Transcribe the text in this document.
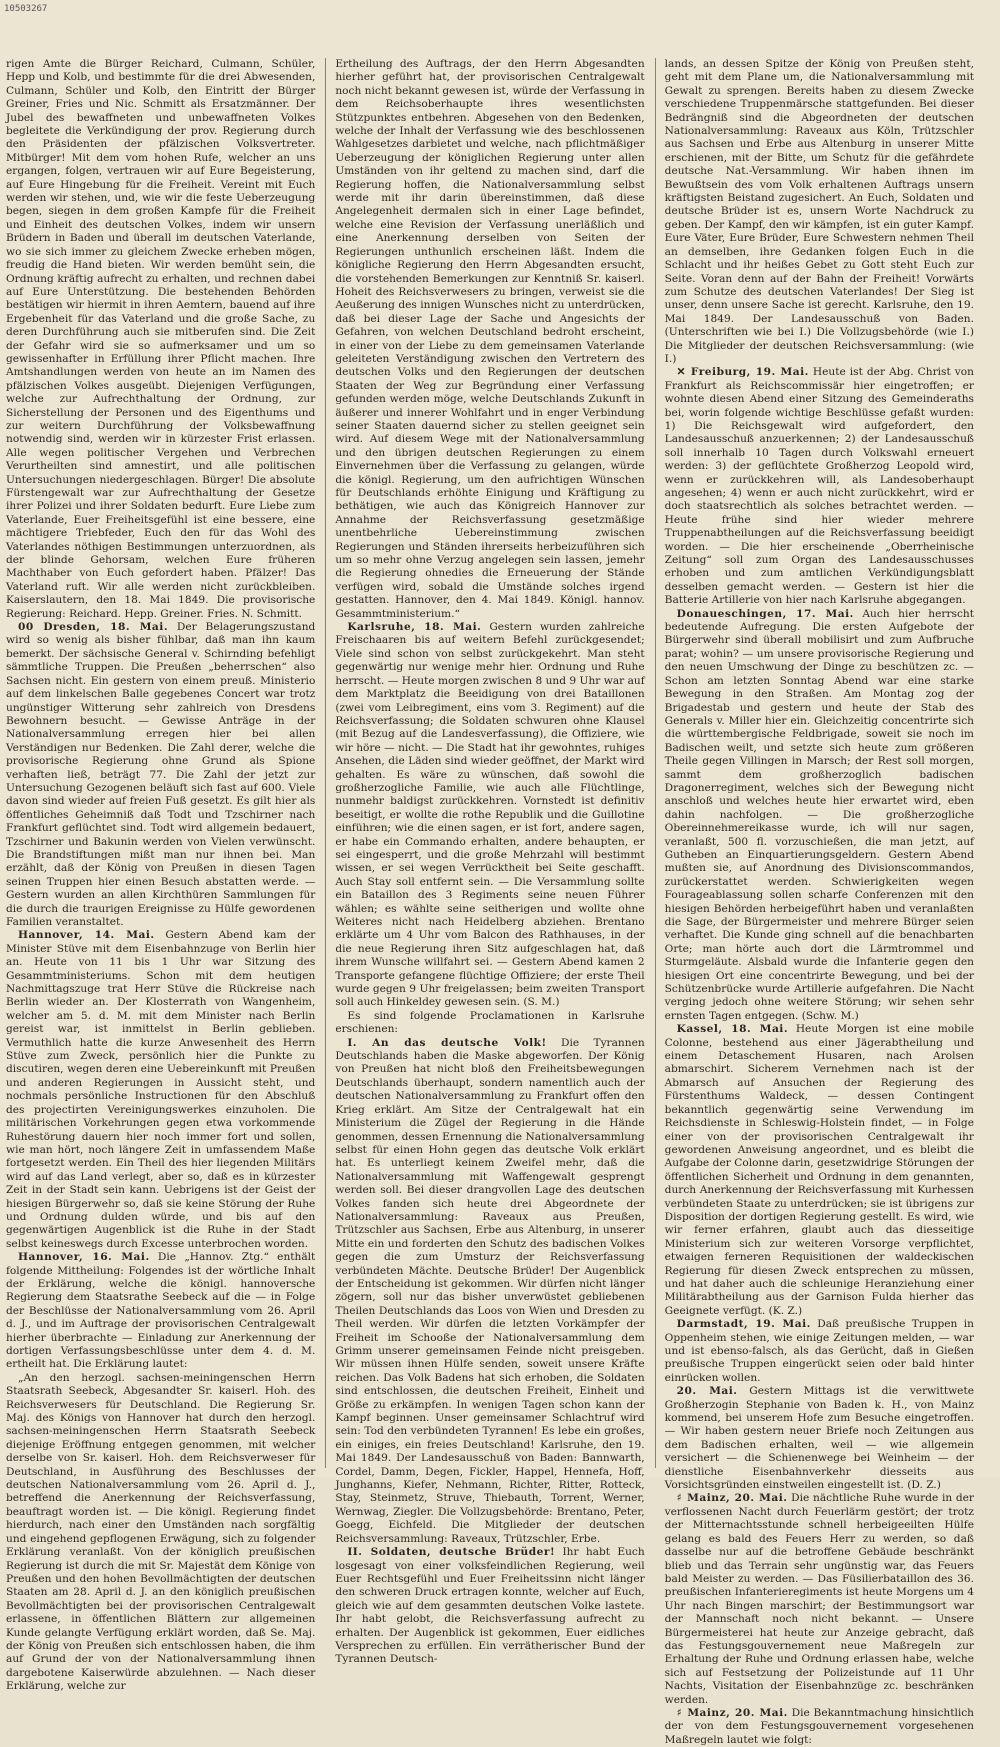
10503267

rigen Amte die Bürger Reichard, Culmann, Schüler, Hepp und Kolb, und bestimmte für die drei Abwesenden, Culmann, Schüler und Kolb, den Eintritt der Bürger Greiner, Fries und Nic. Schmitt als Ersatzmänner. Der Jubel des bewaffneten und unbewaffneten Volkes begleitete die Verkündigung der prov. Regierung durch den Präsidenten der pfälzischen Volksvertreter. Mitbürger! Mit dem vom hohen Rufe, welcher an uns ergangen, folgen, vertrauen wir auf Eure Begeisterung, auf Eure Hingebung für die Freiheit. Vereint mit Euch werden wir stehen, und, wie wir die feste Ueberzeugung begen, siegen in dem großen Kampfe für die Freiheit und Einheit des deutschen Volkes, indem wir unsern Brüdern in Baden und überall im deutschen Vaterlande, wo sie sich immer zu gleichem Zwecke erheben mögen, freudig die Hand bieten. Wir werden bemüht sein, die Ordnung kräftig aufrecht zu erhalten, und rechnen dabei auf Eure Unterstützung. Die bestehenden Behörden bestätigen wir hiermit in ihren Aemtern, bauend auf ihre Ergebenheit für das Vaterland und die große Sache, zu deren Durchführung auch sie mitberufen sind. Die Zeit der Gefahr wird sie so aufmerksamer und um so gewissenhafter in Erfüllung ihrer Pflicht machen. Ihre Amtshandlungen werden von heute an im Namen des pfälzischen Volkes ausgeübt. Diejenigen Verfügungen, welche zur Aufrechthaltung der Ordnung, zur Sicherstellung der Personen und des Eigenthums und zur weitern Durchführung der Volksbewaffnung notwendig sind, werden wir in kürzester Frist erlassen. Alle wegen politischer Vergehen und Verbrechen Verurtheilten sind amnestirt, und alle politischen Untersuchungen niedergeschlagen. Bürger! Die absolute Fürstengewalt war zur Aufrechthaltung der Gesetze ihrer Polizei und ihrer Soldaten bedurft. Eure Liebe zum Vaterlande, Euer Freiheitsgefühl ist eine bessere, eine mächtigere Triebfeder, Euch den für das Wohl des Vaterlandes nöthigen Bestimmungen unterzuordnen, als der blinde Gehorsam, welchen Eure früheren Machthaber von Euch gefordert haben. Pfälzer! Das Vaterland ruft. Wir alle werden nicht zurückbleiben. Kaiserslautern, den 18. Mai 1849. Die provisorische Regierung: Reichard. Hepp. Greiner. Fries. N. Schmitt.

00 Dresden, 18. Mai. Der Belagerungszustand wird so wenig als bisher fühlbar, daß man ihn kaum bemerkt. Der sächsische General v. Schirnding befehligt sämmtliche Truppen. Die Preußen „beherrschen“ also Sachsen nicht. Ein gestern von einem preuß. Ministerio auf dem linkelschen Balle gegebenes Concert war trotz ungünstiger Witterung sehr zahlreich von Dresdens Bewohnern besucht. — Gewisse Anträge in der Nationalversammlung erregen hier bei allen Verständigen nur Bedenken. Die Zahl derer, welche die provisorische Regierung ohne Grund als Spione verhaften ließ, beträgt 77. Die Zahl der jetzt zur Untersuchung Gezogenen beläuft sich fast auf 600. Viele davon sind wieder auf freien Fuß gesetzt. Es gilt hier als öffentliches Geheimniß daß Todt und Tzschirner nach Frankfurt geflüchtet sind. Todt wird allgemein bedauert, Tzschirner und Bakunin werden von Vielen verwünscht. Die Brandstiftungen mißt man nur ihnen bei. Man erzählt, daß der König von Preußen in diesen Tagen seinen Truppen hier einen Besuch abstatten werde. — Gestern wurden an allen Kirchthüren Sammlungen für die durch die traurigen Ereignisse zu Hülfe gewordenen Familien veranstaltet.

Hannover, 14. Mai. Gestern Abend kam der Minister Stüve mit dem Eisenbahnzuge von Berlin hier an. Heute von 11 bis 1 Uhr war Sitzung des Gesammtministeriums. Schon mit dem heutigen Nachmittagszuge trat Herr Stüve die Rückreise nach Berlin wieder an. Der Klosterrath von Wangenheim, welcher am 5. d. M. mit dem Minister nach Berlin gereist war, ist inmittelst in Berlin geblieben. Vermuthlich hatte die kurze Anwesenheit des Herrn Stüve zum Zweck, persönlich hier die Punkte zu discutiren, wegen deren eine Uebereinkunft mit Preußen und anderen Regierungen in Aussicht steht, und nochmals persönliche Instructionen für den Abschluß des projectirten Vereinigungswerkes einzuholen. Die militärischen Vorkehrungen gegen etwa vorkommende Ruhestörung dauern hier noch immer fort und sollen, wie man hört, noch längere Zeit in umfassendem Maße fortgesetzt werden. Ein Theil des hier liegenden Militärs wird auf das Land verlegt, aber so, daß es in kürzester Zeit in der Stadt sein kann. Uebrigens ist der Geist der hiesigen Bürgerwehr so, daß sie keine Störung der Ruhe und Ordnung dulden würde, und bis auf den gegenwärtigen Augenblick ist die Ruhe in der Stadt selbst keineswegs durch Excesse unterbrochen worden.

Hannover, 16. Mai. Die „Hannov. Ztg.“ enthält folgende Mittheilung: Folgendes ist der wörtliche Inhalt der Erklärung, welche die königl. hannoversche Regierung dem Staatsrathe Seebeck auf die — in Folge der Beschlüsse der Nationalversammlung vom 26. April d. J., und im Auftrage der provisorischen Centralgewalt hierher überbrachte — Einladung zur Anerkennung der dortigen Verfassungsbeschlüsse unter dem 4. d. M. ertheilt hat. Die Erklärung lautet:

„An den herzogl. sachsen-meiningenschen Herrn Staatsrath Seebeck, Abgesandter Sr. kaiserl. Hoh. des Reichsverwesers für Deutschland. Die Regierung Sr. Maj. des Königs von Hannover hat durch den herzogl. sachsen-meiningenschen Herrn Staatsrath Seebeck diejenige Eröffnung entgegen genommen, mit welcher derselbe von Sr. kaiserl. Hoh. dem Reichsverweser für Deutschland, in Ausführung des Beschlusses der deutschen Nationalversammlung vom 26. April d. J., betreffend die Anerkennung der Reichsverfassung, beauftragt worden ist. — Die königl. Regierung findet hierdurch, nach einer den Umständen nach sorgfältig und eingehend gepflogenen Erwägung, sich zu folgender Erklärung veranlaßt. Von der königlich preußischen Regierung ist durch die mit Sr. Majestät dem Könige von Preußen und den hohen Bevollmächtigten der deutschen Staaten am 28. April d. J. an den königlich preußischen Bevollmächtigten bei der provisorischen Centralgewalt erlassene, in öffentlichen Blättern zur allgemeinen Kunde gelangte Verfügung erklärt worden, daß Se. Maj. der König von Preußen sich entschlossen haben, die ihm auf Grund der von der Nationalversammlung ihnen dargebotene Kaiserwürde abzulehnen. — Nach dieser Erklärung, welche zur

Ertheilung des Auftrags, der den Herrn Abgesandten hierher geführt hat, der provisorischen Centralgewalt noch nicht bekannt gewesen ist, würde der Verfassung in dem Reichsoberhaupte ihres wesentlichsten Stützpunktes entbehren. Abgesehen von den Bedenken, welche der Inhalt der Verfassung wie des beschlossenen Wahlgesetzes darbietet und welche, nach pflichtmäßiger Ueberzeugung der königlichen Regierung unter allen Umständen von ihr geltend zu machen sind, darf die Regierung hoffen, die Nationalversammlung selbst werde mit ihr darin übereinstimmen, daß diese Angelegenheit dermalen sich in einer Lage befindet, welche eine Revision der Verfassung unerläßlich und eine Anerkennung derselben von Seiten der Regierungen unthunlich erscheinen läßt. Indem die königliche Regierung den Herrn Abgesandten ersucht, die vorstehenden Bemerkungen zur Kenntniß Sr. kaiserl. Hoheit des Reichsverwesers zu bringen, verweist sie die Aeußerung des innigen Wunsches nicht zu unterdrücken, daß bei dieser Lage der Sache und Angesichts der Gefahren, von welchen Deutschland bedroht erscheint, in einer von der Liebe zu dem gemeinsamen Vaterlande geleiteten Verständigung zwischen den Vertretern des deutschen Volks und den Regierungen der deutschen Staaten der Weg zur Begründung einer Verfassung gefunden werden möge, welche Deutschlands Zukunft in äußerer und innerer Wohlfahrt und in enger Verbindung seiner Staaten dauernd sicher zu stellen geeignet sein wird. Auf diesem Wege mit der Nationalversammlung und den übrigen deutschen Regierungen zu einem Einvernehmen über die Verfassung zu gelangen, würde die königl. Regierung, um den aufrichtigen Wünschen für Deutschlands erhöhte Einigung und Kräftigung zu bethätigen, wie auch das Königreich Hannover zur Annahme der Reichsverfassung gesetzmäßige unentbehrliche Uebereinstimmung zwischen Regierungen und Ständen ihrerseits herbeizuführen sich um so mehr ohne Verzug angelegen sein lassen, jemehr die Regierung ohnedies die Erneuerung der Stände verfügen wird, sobald die Umstände solches irgend gestatten. Hannover, den 4. Mai 1849. Königl. hannov. Gesammtministerium.“

Karlsruhe, 18. Mai. Gestern wurden zahlreiche Freischaaren bis auf weitern Befehl zurückgesendet; Viele sind schon von selbst zurückgekehrt. Man steht gegenwärtig nur wenige mehr hier. Ordnung und Ruhe herrscht. — Heute morgen zwischen 8 und 9 Uhr war auf dem Marktplatz die Beeidigung von drei Bataillonen (zwei vom Leibregiment, eins vom 3. Regiment) auf die Reichsverfassung; die Soldaten schwuren ohne Klausel (mit Bezug auf die Landesverfassung), die Offiziere, wie wir höre — nicht. — Die Stadt hat ihr gewohntes, ruhiges Ansehen, die Läden sind wieder geöffnet, der Markt wird gehalten. Es wäre zu wünschen, daß sowohl die großherzogliche Familie, wie auch alle Flüchtlinge, nunmehr baldigst zurückkehren. Vornstedt ist definitiv beseitigt, er wollte die rothe Republik und die Guillotine einführen; wie die einen sagen, er ist fort, andere sagen, er habe ein Commando erhalten, andere behaupten, er sei eingesperrt, und die große Mehrzahl will bestimmt wissen, er sei wegen Verrücktheit bei Seite geschafft. Auch Stay soll entfernt sein. — Die Versammlung sollte ein Bataillon des 3 Regiments seine neuen Führer wählen; es wählte seine seitherigen und wollte ohne Weiteres nicht nach Heidelberg abziehen. Brentano erklärte um 4 Uhr vom Balcon des Rathhauses, in der die neue Regierung ihren Sitz aufgeschlagen hat, daß ihrem Wunsche willfahrt sei. — Gestern Abend kamen 2 Transporte gefangene flüchtige Offiziere; der erste Theil wurde gegen 9 Uhr freigelassen; beim zweiten Transport soll auch Hinkeldey gewesen sein. (S. M.)

Es sind folgende Proclamationen in Karlsruhe erschienen:

I. An das deutsche Volk! Die Tyrannen Deutschlands haben die Maske abgeworfen. Der König von Preußen hat nicht bloß den Freiheitsbewegungen Deutschlands überhaupt, sondern namentlich auch der deutschen Nationalversammlung zu Frankfurt offen den Krieg erklärt. Am Sitze der Centralgewalt hat ein Ministerium die Zügel der Regierung in die Hände genommen, dessen Ernennung die Nationalversammlung selbst für einen Hohn gegen das deutsche Volk erklärt hat. Es unterliegt keinem Zweifel mehr, daß die Nationalversammlung mit Waffengewalt gesprengt werden soll. Bei dieser drangvollen Lage des deutschen Volkes fanden sich heute drei Abgeordnete der Nationalversammlung: Raveaux aus Preußen, Trützschler aus Sachsen, Erbe aus Altenburg, in unserer Mitte ein und forderten den Schutz des badischen Volkes gegen die zum Umsturz der Reichsverfassung verbündeten Mächte. Deutsche Brüder! Der Augenblick der Entscheidung ist gekommen. Wir dürfen nicht länger zögern, soll nur das bisher unverwüstet gebliebenen Theilen Deutschlands das Loos von Wien und Dresden zu Theil werden. Wir dürfen die letzten Vorkämpfer der Freiheit im Schooße der Nationalversammlung dem Grimm unserer gemeinsamen Feinde nicht preisgeben. Wir müssen ihnen Hülfe senden, soweit unsere Kräfte reichen. Das Volk Badens hat sich erhoben, die Soldaten sind entschlossen, die deutschen Freiheit, Einheit und Größe zu erkämpfen. In wenigen Tagen schon kann der Kampf beginnen. Unser gemeinsamer Schlachtruf wird sein: Tod den verbündeten Tyrannen! Es lebe ein großes, ein einiges, ein freies Deutschland! Karlsruhe, den 19. Mai 1849. Der Landesausschuß von Baden: Bannwarth, Cordel, Damm, Degen, Fickler, Happel, Hennefa, Hoff, Junghanns, Kiefer, Nehmann, Richter, Ritter, Rotteck, Stay, Steinmetz, Struve, Thiebauth, Torrent, Werner, Wernwag, Ziegler. Die Vollzugsbehörde: Brentano, Peter, Goegg, Eichfeld. Die Mitglieder der deutschen Reichsversammlung: Raveaux, Trützschler, Erbe.

II. Soldaten, deutsche Brüder! Ihr habt Euch losgesagt von einer volksfeindlichen Regierung, weil Euer Rechtsgefühl und Euer Freiheitssinn nicht länger den schweren Druck ertragen konnte, welcher auf Euch, gleich wie auf dem gesammten deutschen Volke lastete. Ihr habt gelobt, die Reichsverfassung aufrecht zu erhalten. Der Augenblick ist gekommen, Euer eidliches Versprechen zu erfüllen. Ein verrätherischer Bund der Tyrannen Deutsch-

lands, an dessen Spitze der König von Preußen steht, geht mit dem Plane um, die Nationalversammlung mit Gewalt zu sprengen. Bereits haben zu diesem Zwecke verschiedene Truppenmärsche stattgefunden. Bei dieser Bedrängniß sind die Abgeordneten der deutschen Nationalversammlung: Raveaux aus Köln, Trützschler aus Sachsen und Erbe aus Altenburg in unserer Mitte erschienen, mit der Bitte, um Schutz für die gefährdete deutsche Nat.-Versammlung. Wir haben ihnen im Bewußtsein des vom Volk erhaltenen Auftrags unsern kräftigsten Beistand zugesichert. An Euch, Soldaten und deutsche Brüder ist es, unsern Worte Nachdruck zu geben. Der Kampf, den wir kämpfen, ist ein guter Kampf. Eure Väter, Eure Brüder, Eure Schwestern nehmen Theil an demselben, ihre Gedanken folgen Euch in die Schlacht und ihr heißes Gebet zu Gott steht Euch zur Seite. Voran denn auf der Bahn der Freiheit! Vorwärts zum Schutze des deutschen Vaterlandes! Der Sieg ist unser, denn unsere Sache ist gerecht. Karlsruhe, den 19. Mai 1849. Der Landesausschuß von Baden. (Unterschriften wie bei I.) Die Vollzugsbehörde (wie I.) Die Mitglieder der deutschen Reichsversammlung: (wie I.)

✕ Freiburg, 19. Mai. Heute ist der Abg. Christ von Frankfurt als Reichscommissär hier eingetroffen; er wohnte diesen Abend einer Sitzung des Gemeinderaths bei, worin folgende wichtige Beschlüsse gefaßt wurden: 1) Die Reichsgewalt wird aufgefordert, den Landesausschuß anzuerkennen; 2) der Landesausschuß soll innerhalb 10 Tagen durch Volkswahl erneuert werden: 3) der geflüchtete Großherzog Leopold wird, wenn er zurückkehren will, als Landesoberhaupt angesehen; 4) wenn er auch nicht zurückkehrt, wird er doch staatsrechtlich als solches betrachtet werden. — Heute frühe sind hier wieder mehrere Truppenabtheilungen auf die Reichsverfassung beeidigt worden. — Die hier erscheinende „Oberrheinische Zeitung“ soll zum Organ des Landesausschusses erhoben und zum amtlichen Verkündigungsblatt desselben gemacht werden. — Gestern ist hier die Batterie Artillerie von hier nach Karlsruhe abgegangen.

Donaueschingen, 17. Mai. Auch hier herrscht bedeutende Aufregung. Die ersten Aufgebote der Bürgerwehr sind überall mobilisirt und zum Aufbruche parat; wohin? — um unsere provisorische Regierung und den neuen Umschwung der Dinge zu beschützen zc. — Schon am letzten Sonntag Abend war eine starke Bewegung in den Straßen. Am Montag zog der Brigadestab und gestern und heute der Stab des Generals v. Miller hier ein. Gleichzeitig concentrirte sich die württembergische Feldbrigade, soweit sie noch im Badischen weilt, und setzte sich heute zum größeren Theile gegen Villingen in Marsch; der Rest soll morgen, sammt dem großherzoglich badischen Dragonerregiment, welches sich der Bewegung nicht anschloß und welches heute hier erwartet wird, eben dahin nachfolgen. — Die großherzogliche Obereinnehmereikasse wurde, ich will nur sagen, veranlaßt, 500 fl. vorzuschießen, die man jetzt, auf Gutheben an Einquartierungsgeldern. Gestern Abend mußten sie, auf Anordnung des Divisionscommandos, zurückerstattet werden. Schwierigkeiten wegen Fourageablassung sollen scharfe Conferenzen mit den hiesigen Behörden herbeigeführt haben und veranlaßten die Sage, der Bürgermeister und mehrere Bürger seien verhaftet. Die Kunde ging schnell auf die benachbarten Orte; man hörte auch dort die Lärmtrommel und Sturmgeläute. Alsbald wurde die Infanterie gegen den hiesigen Ort eine concentrirte Bewegung, und bei der Schützenbrücke wurde Artillerie aufgefahren. Die Nacht verging jedoch ohne weitere Störung; wir sehen sehr ernsten Tagen entgegen. (Schw. M.)

Kassel, 18. Mai. Heute Morgen ist eine mobile Colonne, bestehend aus einer Jägerabtheilung und einem Detaschement Husaren, nach Arolsen abmarschirt. Sicherem Vernehmen nach ist der Abmarsch auf Ansuchen der Regierung des Fürstenthums Waldeck, — dessen Contingent bekanntlich gegenwärtig seine Verwendung im Reichsdienste in Schleswig-Holstein findet, — in Folge einer von der provisorischen Centralgewalt ihr gewordenen Anweisung angeordnet, und es bleibt die Aufgabe der Colonne darin, gesetzwidrige Störungen der öffentlichen Sicherheit und Ordnung in dem genannten, durch Anerkennung der Reichsverfassung mit Kurhessen verbündeten Staate zu unterdrücken; sie ist übrigens zur Disposition der dortigen Regierung gestellt. Es wird, wie wir ferner erfahren, glaubt auch das diesseitige Ministerium sich zur weiteren Vorsorge verpflichtet, etwaigen ferneren Requisitionen der waldeckischen Regierung für diesen Zweck entsprechen zu müssen, und hat daher auch die schleunige Heranziehung einer Militärabtheilung aus der Garnison Fulda hierher das Geeignete verfügt. (K. Z.)

Darmstadt, 19. Mai. Daß preußische Truppen in Oppenheim stehen, wie einige Zeitungen melden, — war und ist ebenso-falsch, als das Gerücht, daß in Gießen preußische Truppen eingerückt seien oder bald hinter einrücken wollen.

20. Mai. Gestern Mittags ist die verwittwete Großherzogin Stephanie von Baden k. H., von Mainz kommend, bei unserem Hofe zum Besuche eingetroffen. — Wir haben gestern neuer Briefe noch Zeitungen aus dem Badischen erhalten, weil — wie allgemein versichert — die Schienenwege bei Weinheim — der dienstliche Eisenbahnverkehr diesseits aus Vorsichtsgründen einstweilen eingestellt ist. (D. Z.)

♯ Mainz, 20. Mai. Die nächtliche Ruhe wurde in der verflossenen Nacht durch Feuerlärm gestört; der trotz der Mitternachtsstunde schnell herbeigeeilten Hülfe gelang es bald des Feuers Herr zu werden, so daß dasselbe nur auf die betroffene Gebäude beschränkt blieb und das Terrain sehr ungünstig war, das Feuers bald Meister zu werden. — Das Füsilierbataillon des 36. preußischen Infanterieregiments ist heute Morgens um 4 Uhr nach Bingen marschirt; der Bestimmungsort war der Mannschaft noch nicht bekannt. — Unsere Bürgermeisterei hat heute zur Anzeige gebracht, daß das Festungsgouvernement neue Maßregeln zur Erhaltung der Ruhe und Ordnung erlassen habe, welche sich auf Festsetzung der Polizeistunde auf 11 Uhr Nachts, Visitation der Eisenbahnzüge zc. beschränken werden.

♯ Mainz, 20. Mai. Die Bekanntmachung hinsichtlich der von dem Festungsgouvernement vorgesehenen Maßregeln lautet wie folgt:
